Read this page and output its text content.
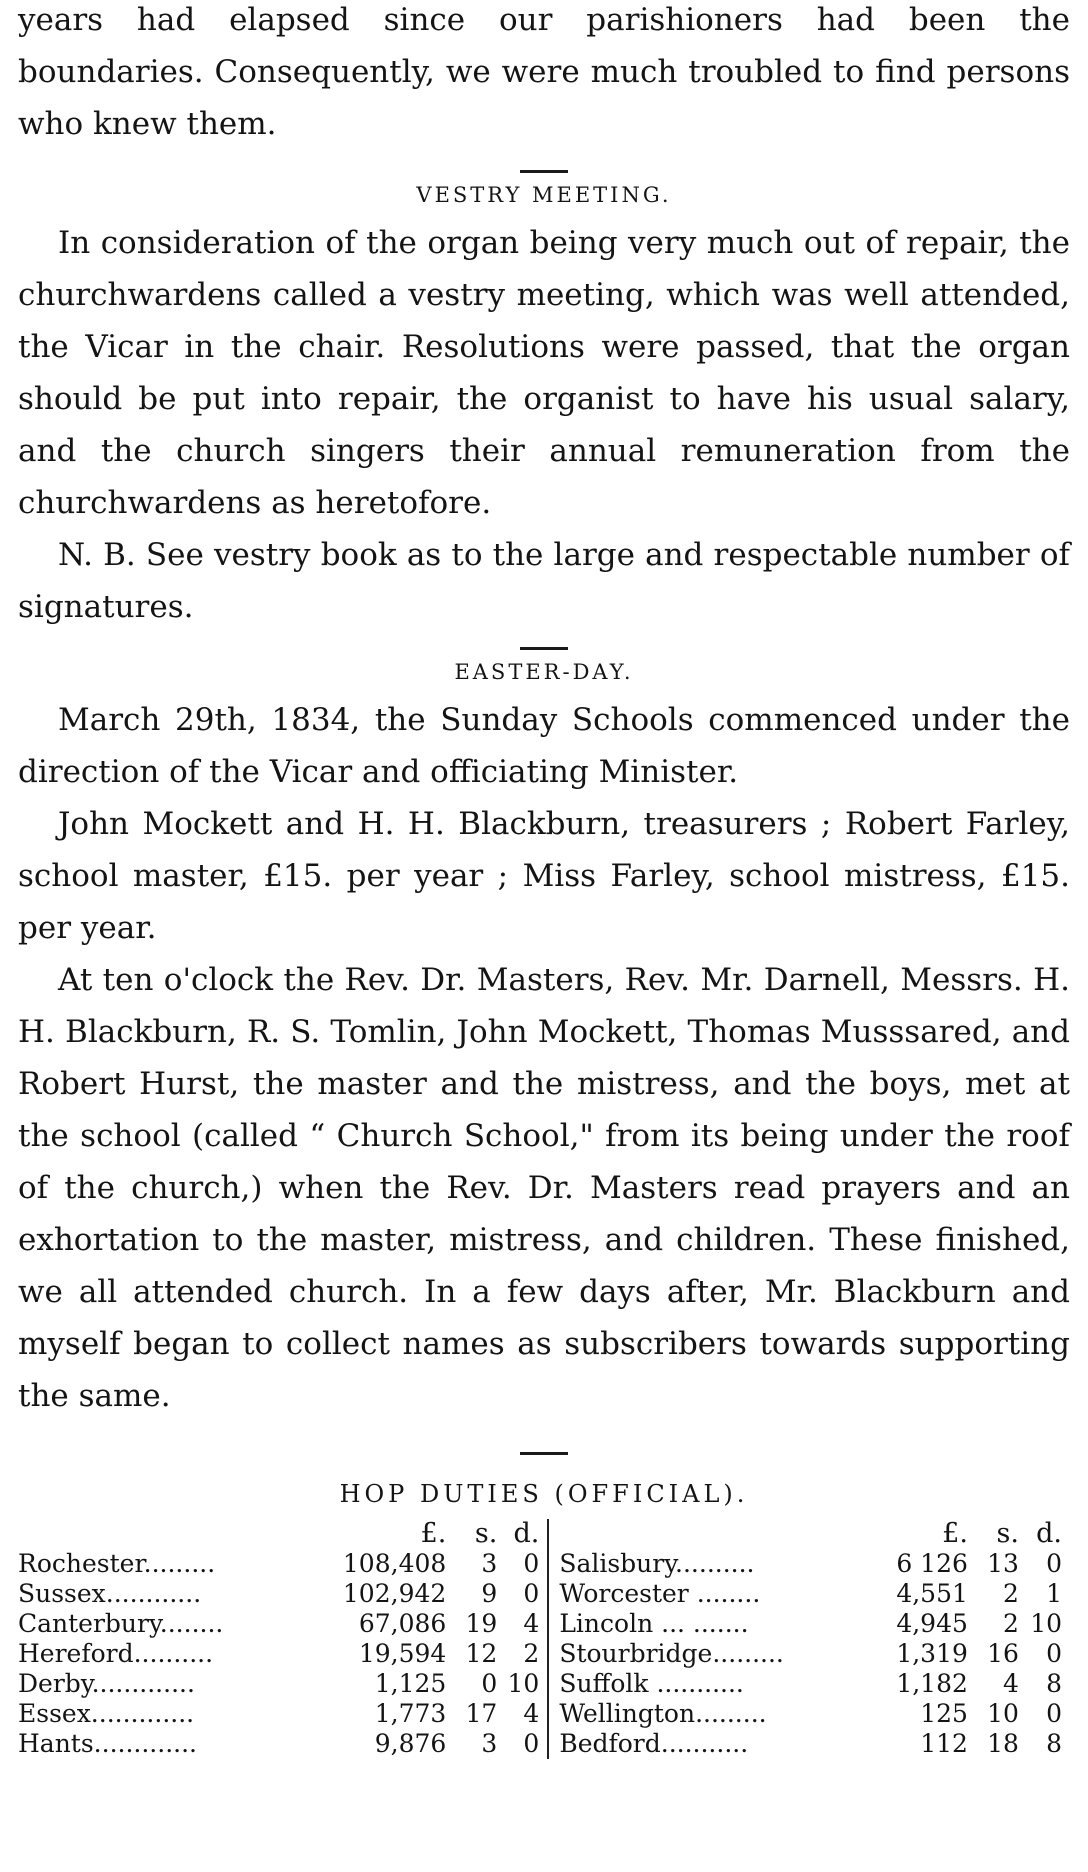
years had elapsed since our parishioners had been the boundaries. Consequently, we were much troubled to find persons who knew them.

VESTRY MEETING.

In consideration of the organ being very much out of repair, the churchwardens called a vestry meeting, which was well attended, the Vicar in the chair. Resolutions were passed, that the organ should be put into repair, the organist to have his usual salary, and the church singers their annual remuneration from the churchwardens as heretofore.

N. B. See vestry book as to the large and respectable number of signatures.

EASTER-DAY.

March 29th, 1834, the Sunday Schools commenced under the direction of the Vicar and officiating Minister.

John Mockett and H. H. Blackburn, treasurers ; Robert Farley, school master, £15. per year ; Miss Farley, school mistress, £15. per year.

At ten o'clock the Rev. Dr. Masters, Rev. Mr. Darnell, Messrs. H. H. Blackburn, R. S. Tomlin, John Mockett, Thomas Musssared, and Robert Hurst, the master and the mistress, and the boys, met at the school (called “ Church School," from its being under the roof of the church,) when the Rev. Dr. Masters read prayers and an exhortation to the master, mistress, and children. These finished, we all attended church. In a few days after, Mr. Blackburn and myself began to collect names as subscribers towards supporting the same.

HOP DUTIES (OFFICIAL).

	£.	s.	d.		£.	s.	d.
Rochester.........	108,408	3	0	Salisbury..........	6 126	13	0
Sussex............	102,942	9	0	Worcester ........	4,551	2	1
Canterbury........	67,086	19	4	Lincoln ... .......	4,945	2	10
Hereford..........	19,594	12	2	Stourbridge.........	1,319	16	0
Derby.............	1,125	0	10	Suffolk ...........	1,182	4	8
Essex.............	1,773	17	4	Wellington.........	125	10	0
Hants.............	9,876	3	0	Bedford...........	112	18	8
